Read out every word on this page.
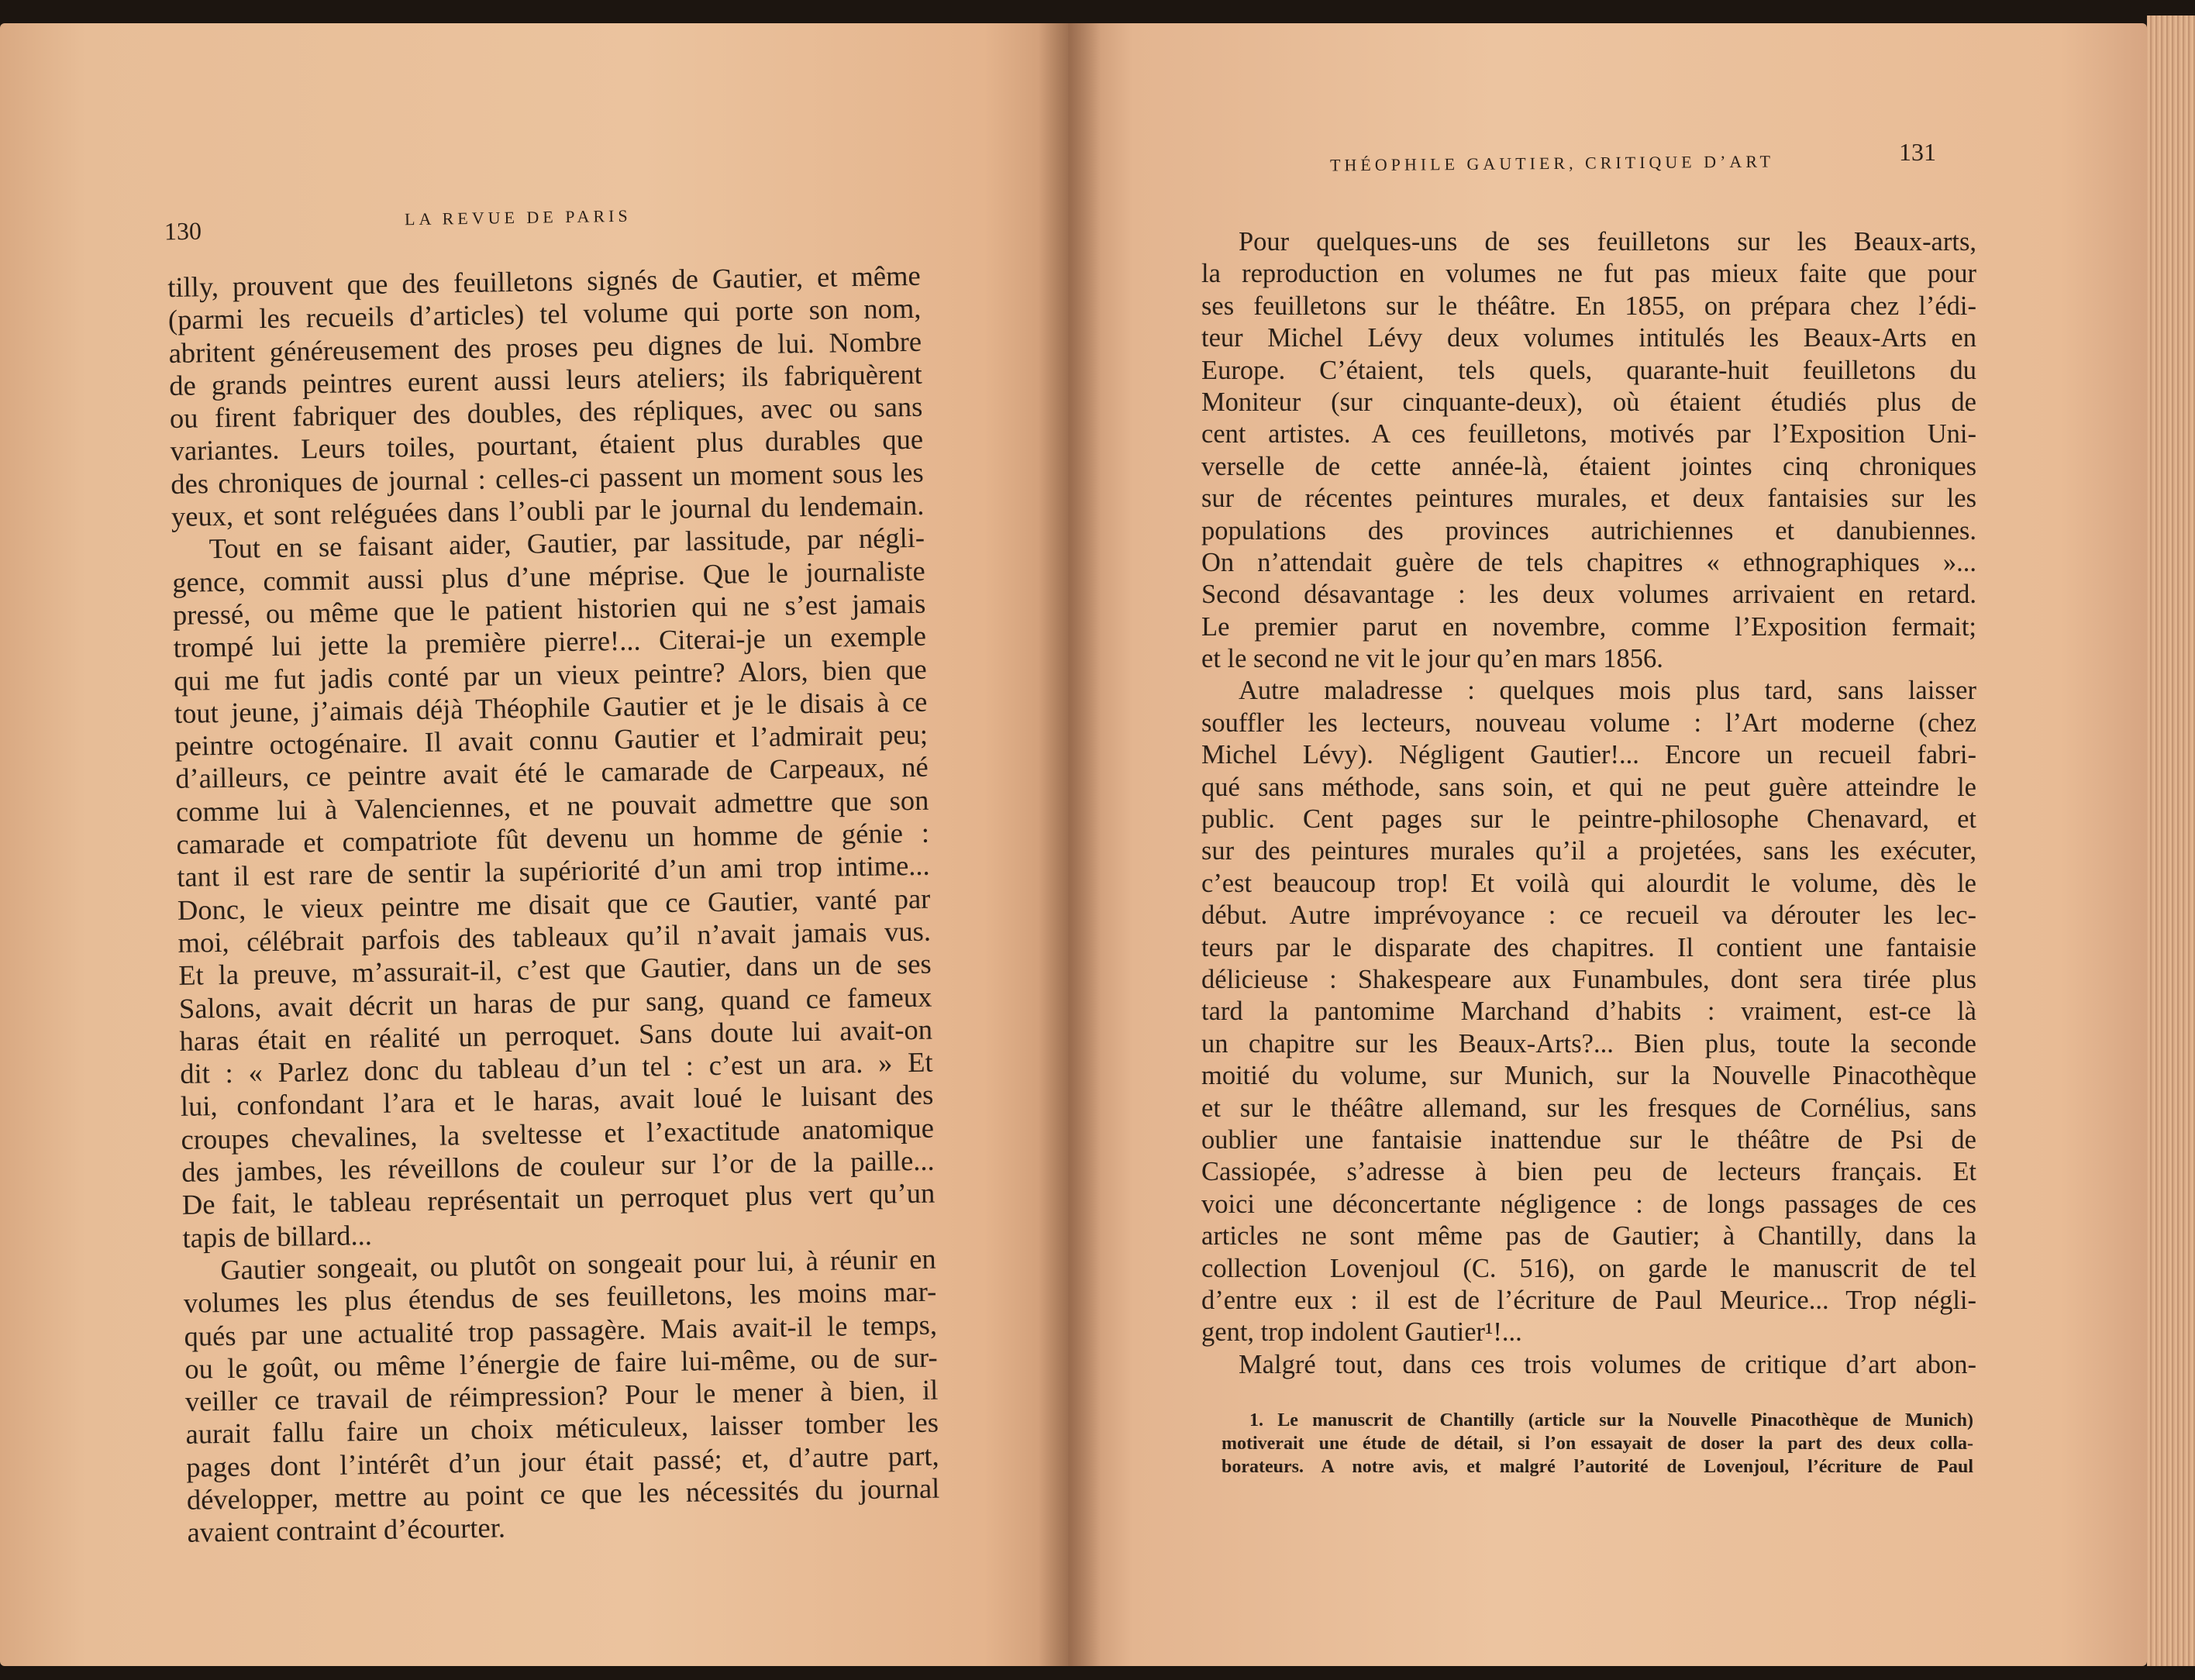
130	LA REVUE DE PARIS
tilly, prouvent que des feuilletons signés de Gautier, et même
(parmi les recueils d’articles) tel volume qui porte son nom,
abritent généreusement des proses peu dignes de lui. Nombre
de grands peintres eurent aussi leurs ateliers; ils fabriquèrent
ou firent fabriquer des doubles, des répliques, avec ou sans
variantes. Leurs toiles, pourtant, étaient plus durables que
des chroniques de journal : celles-ci passent un moment sous les
yeux, et sont reléguées dans l’oubli par le journal du lendemain.
Tout en se faisant aider, Gautier, par lassitude, par négli-
gence, commit aussi plus d’une méprise. Que le journaliste
pressé, ou même que le patient historien qui ne s’est jamais
trompé lui jette la première pierre!... Citerai-je un exemple
qui me fut jadis conté par un vieux peintre? Alors, bien que
tout jeune, j’aimais déjà Théophile Gautier et je le disais à ce
peintre octogénaire. Il avait connu Gautier et l’admirait peu;
d’ailleurs, ce peintre avait été le camarade de Carpeaux, né
comme lui à Valenciennes, et ne pouvait admettre que son
camarade et compatriote fût devenu un homme de génie :
tant il est rare de sentir la supériorité d’un ami trop intime...
Donc, le vieux peintre me disait que ce Gautier, vanté par
moi, célébrait parfois des tableaux qu’il n’avait jamais vus.
Et la preuve, m’assurait-il, c’est que Gautier, dans un de ses
Salons, avait décrit un haras de pur sang, quand ce fameux
haras était en réalité un perroquet. Sans doute lui avait-on
dit : « Parlez donc du tableau d’un tel : c’est un ara. » Et
lui, confondant l’ara et le haras, avait loué le luisant des
croupes chevalines, la sveltesse et l’exactitude anatomique
des jambes, les réveillons de couleur sur l’or de la paille...
De fait, le tableau représentait un perroquet plus vert qu’un
tapis de billard...
Gautier songeait, ou plutôt on songeait pour lui, à réunir en
volumes les plus étendus de ses feuilletons, les moins mar-
qués par une actualité trop passagère. Mais avait-il le temps,
ou le goût, ou même l’énergie de faire lui-même, ou de sur-
veiller ce travail de réimpression? Pour le mener à bien, il
aurait fallu faire un choix méticuleux, laisser tomber les
pages dont l’intérêt d’un jour était passé; et, d’autre part,
développer, mettre au point ce que les nécessités du journal
avaient contraint d’écourter.
THÉOPHILE GAUTIER, CRITIQUE D’ART	131
Pour quelques-uns de ses feuilletons sur les Beaux-arts,
la reproduction en volumes ne fut pas mieux faite que pour
ses feuilletons sur le théâtre. En 1855, on prépara chez l’édi-
teur Michel Lévy deux volumes intitulés les Beaux-Arts en
Europe. C’étaient, tels quels, quarante-huit feuilletons du
Moniteur (sur cinquante-deux), où étaient étudiés plus de
cent artistes. A ces feuilletons, motivés par l’Exposition Uni-
verselle de cette année-là, étaient jointes cinq chroniques
sur de récentes peintures murales, et deux fantaisies sur les
populations des provinces autrichiennes et danubiennes.
On n’attendait guère de tels chapitres « ethnographiques »...
Second désavantage : les deux volumes arrivaient en retard.
Le premier parut en novembre, comme l’Exposition fermait;
et le second ne vit le jour qu’en mars 1856.
Autre maladresse : quelques mois plus tard, sans laisser
souffler les lecteurs, nouveau volume : l’Art moderne (chez
Michel Lévy). Négligent Gautier!... Encore un recueil fabri-
qué sans méthode, sans soin, et qui ne peut guère atteindre le
public. Cent pages sur le peintre-philosophe Chenavard, et
sur des peintures murales qu’il a projetées, sans les exécuter,
c’est beaucoup trop! Et voilà qui alourdit le volume, dès le
début. Autre imprévoyance : ce recueil va dérouter les lec-
teurs par le disparate des chapitres. Il contient une fantaisie
délicieuse : Shakespeare aux Funambules, dont sera tirée plus
tard la pantomime Marchand d’habits : vraiment, est-ce là
un chapitre sur les Beaux-Arts?... Bien plus, toute la seconde
moitié du volume, sur Munich, sur la Nouvelle Pinacothèque
et sur le théâtre allemand, sur les fresques de Cornélius, sans
oublier une fantaisie inattendue sur le théâtre de Psi de
Cassiopée, s’adresse à bien peu de lecteurs français. Et
voici une déconcertante négligence : de longs passages de ces
articles ne sont même pas de Gautier; à Chantilly, dans la
collection Lovenjoul (C. 516), on garde le manuscrit de tel
d’entre eux : il est de l’écriture de Paul Meurice... Trop négli-
gent, trop indolent Gautier¹!...
Malgré tout, dans ces trois volumes de critique d’art abon-
1. Le manuscrit de Chantilly (article sur la Nouvelle Pinacothèque de Munich)
motiverait une étude de détail, si l’on essayait de doser la part des deux colla-
borateurs. A notre avis, et malgré l’autorité de Lovenjoul, l’écriture de Paul
